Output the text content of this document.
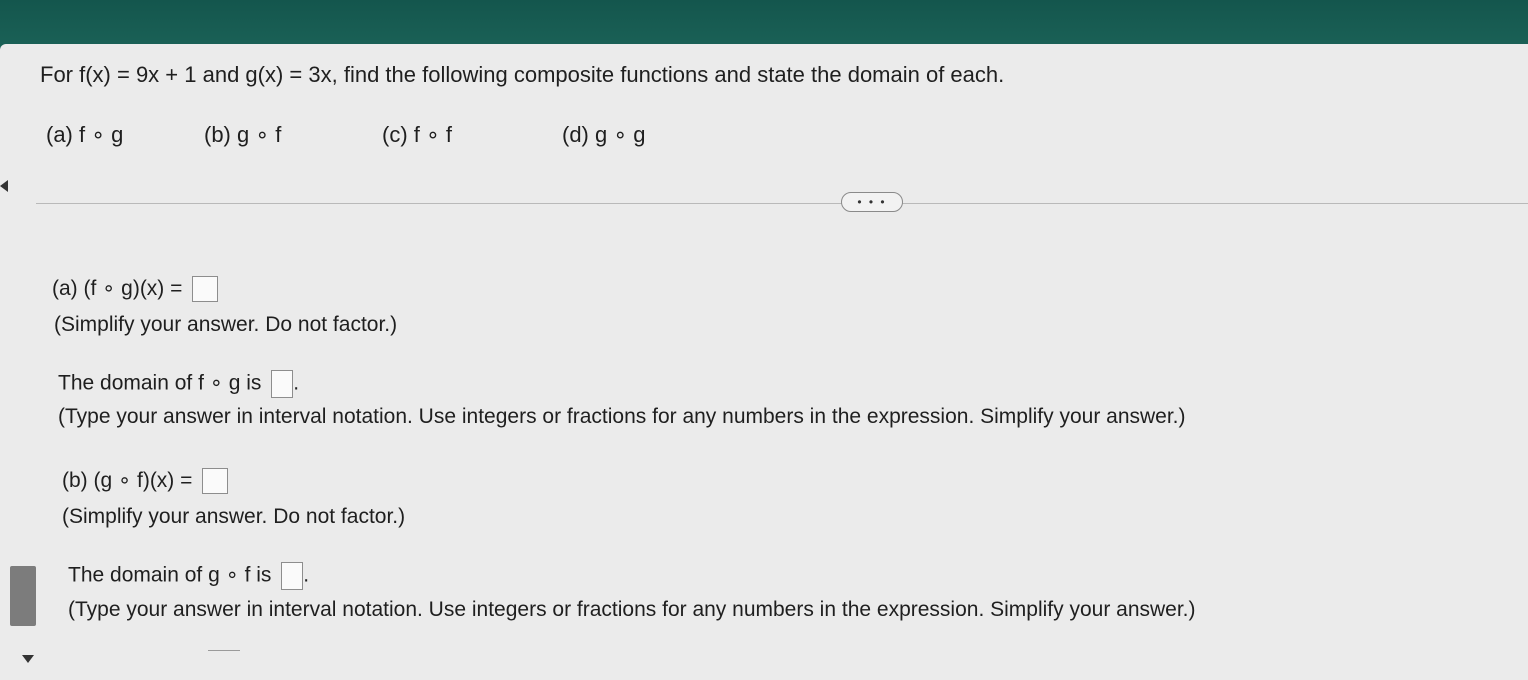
For f(x) = 9x + 1 and g(x) = 3x, find the following composite functions and state the domain of each.
(a) f ∘ g	(b) g ∘ f	(c) f ∘ f	(d) g ∘ g
• • •
(a) (f ∘ g)(x) =
(Simplify your answer. Do not factor.)
The domain of f ∘ g is .
(Type your answer in interval notation. Use integers or fractions for any numbers in the expression. Simplify your answer.)
(b) (g ∘ f)(x) =
(Simplify your answer. Do not factor.)
The domain of g ∘ f is .
(Type your answer in interval notation. Use integers or fractions for any numbers in the expression. Simplify your answer.)
